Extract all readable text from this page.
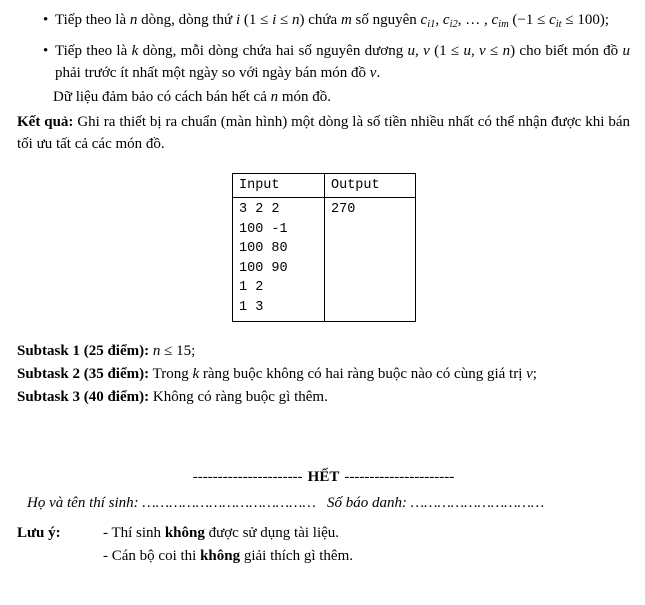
• Tiếp theo là n dòng, dòng thứ i (1 ≤ i ≤ n) chứa m số nguyên $c_{i1}$, $c_{i2}$, … , $c_{im}$ $(-1 \le c_{it} \le 100)$;
• Tiếp theo là k dòng, mỗi dòng chứa hai số nguyên dương u, v (1 ≤ u, v ≤ n) cho biết món đồ u phải trước ít nhất một ngày so với ngày bán món đồ v.
Dữ liệu đảm bảo có cách bán hết cả n món đồ.
Kết quả: Ghi ra thiết bị ra chuẩn (màn hình) một dòng là số tiền nhiều nhất có thể nhận được khi bán tối ưu tất cả các món đồ.
Input
3 2 2
100 -1
100 80
100 90
1 2
1 3
Output
270
Subtask 1 (25 điểm): n ≤ 15;
Subtask 2 (35 điểm): Trong k ràng buộc không có hai ràng buộc nào có cùng giá trị v;
Subtask 3 (40 điểm): Không có ràng buộc gì thêm.
---------------------- HẾT ----------------------
Họ và tên thí sinh: ………………………………… Số báo danh: …………………………
Lưu ý:	- Thí sinh không được sử dụng tài liệu.
- Cán bộ coi thi không giải thích gì thêm.
